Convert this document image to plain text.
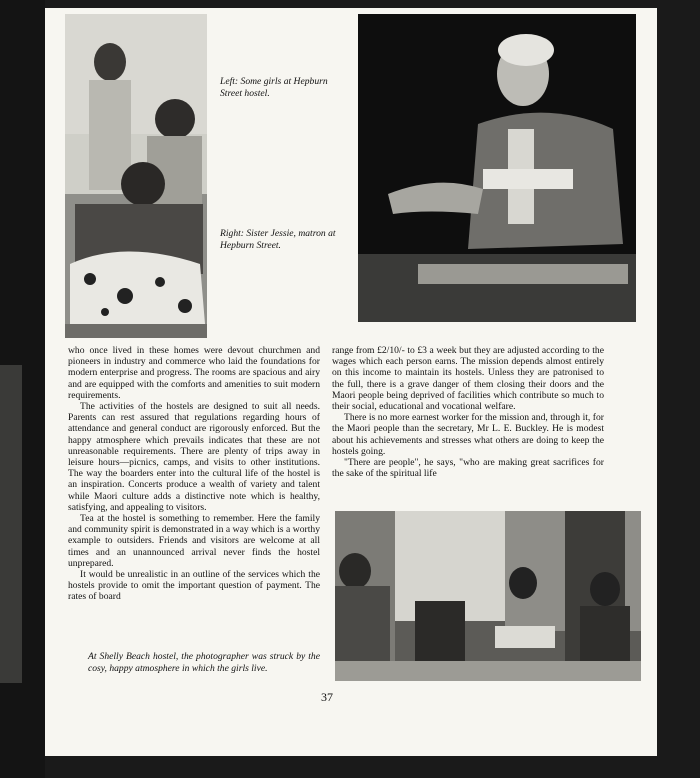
Left: Some girls at Hepburn Street hostel.
Right: Sister Jessie, matron at Hepburn Street.

who once lived in these homes were devout churchmen and pioneers in industry and commerce who laid the foundations for modern enterprise and progress. The rooms are spacious and airy and are equipped with the comforts and amenities to suit modern requirements.

The activities of the hostels are designed to suit all needs. Parents can rest assured that regulations regarding hours of attendance and general conduct are rigorously enforced. But the happy atmosphere which prevails indicates that these are not unreasonable requirements. There are plenty of trips away in leisure hours—picnics, camps, and visits to other institutions. The way the boarders enter into the cultural life of the hostel is an inspiration. Concerts produce a wealth of variety and talent while Maori culture adds a distinctive note which is healthy, satisfying, and appealing to visitors.

Tea at the hostel is something to remember. Here the family and community spirit is demonstrated in a way which is a worthy example to outsiders. Friends and visitors are welcome at all times and an unannounced arrival never finds the hostel unprepared.

It would be unrealistic in an outline of the services which the hostels provide to omit the important question of payment. The rates of board

range from £2/10/- to £3 a week but they are adjusted according to the wages which each person earns. The mission depends almost entirely on this income to maintain its hostels. Unless they are patronised to the full, there is a grave danger of them closing their doors and the Maori people being deprived of facilities which contribute so much to their social, educational and vocational welfare.

There is no more earnest worker for the mission and, through it, for the Maori people than the secretary, Mr L. E. Buckley. He is modest about his achievements and stresses what others are doing to keep the hostels going.

"There are people", he says, "who are making great sacrifices for the sake of the spiritual life

At Shelly Beach hostel, the photographer was struck by the cosy, happy atmosphere in which the girls live.
37
